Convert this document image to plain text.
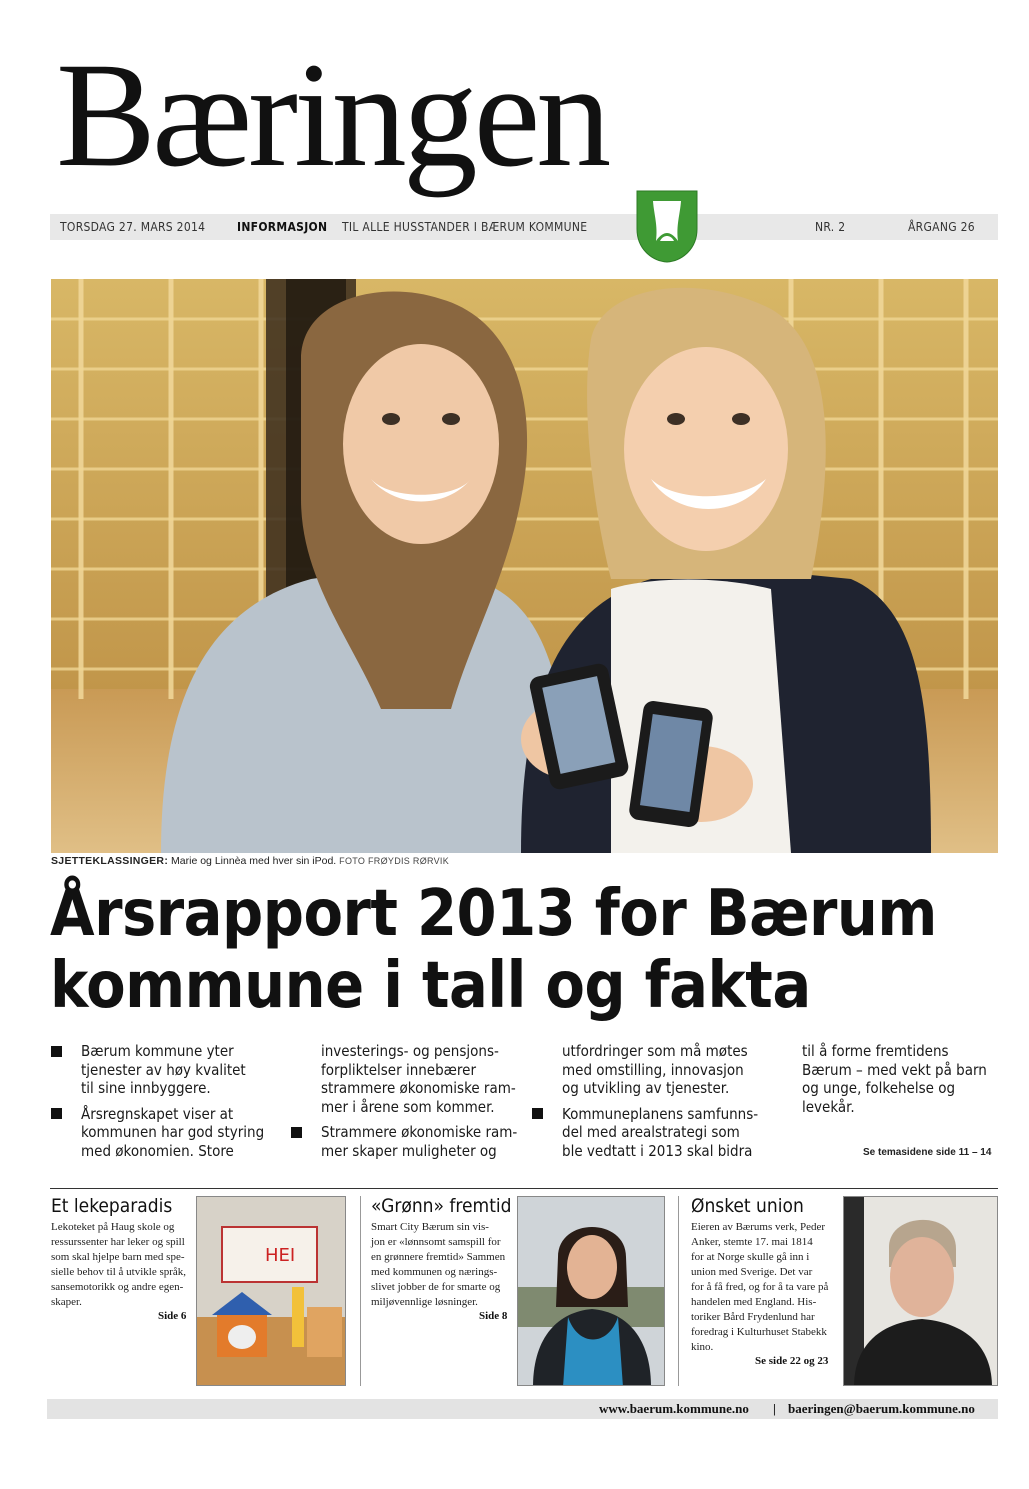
Bæringen
TORSDAG 27. MARS 2014	INFORMASJON TIL ALLE HUSSTANDER I BÆRUM KOMMUNE	NR. 2	ÅRGANG 26
SJETTEKLASSINGER: Marie og Linnèa med hver sin iPod. FOTO FRØYDIS RØRVIK
Årsrapport 2013 for Bærum
kommune i tall og fakta
Bærum kommune yter
tjenester av høy kvalitet
til sine innbyggere.
Årsregnskapet viser at
kommunen har god styring
med økonomien. Store
investerings- og pensjons-
forpliktelser innebærer
strammere økonomiske ram-
mer i årene som kommer.
Strammere økonomiske ram-
mer skaper muligheter og
utfordringer som må møtes
med omstilling, innovasjon
og utvikling av tjenester.
Kommuneplanens samfunns-
del med arealstrategi som
ble vedtatt i 2013 skal bidra
til å forme fremtidens
Bærum – med vekt på barn
og unge, folkehelse og
levekår.
Se temasidene side 11 – 14
Et lekeparadis
Lekoteket på Haug skole og
ressurssenter har leker og spill
som skal hjelpe barn med spe-
sielle behov til å utvikle språk,
sansemotorikk og andre egen-
skaper.
Side 6
HEI
«Grønn» fremtid
Smart City Bærum sin vis-
jon er «lønnsomt samspill for
en grønnere fremtid» Sammen
med kommunen og nærings-
slivet jobber de for smarte og
miljøvennlige løsninger.
Side 8
Ønsket union
Eieren av Bærums verk, Peder
Anker, stemte 17. mai 1814
for at Norge skulle gå inn i
union med Sverige. Det var
for å få fred, og for å ta vare på
handelen med England. His-
toriker Bård Frydenlund har
foredrag i Kulturhuset Stabekk
kino.
Se side 22 og 23
www.baerum.kommune.no | baeringen@baerum.kommune.no
